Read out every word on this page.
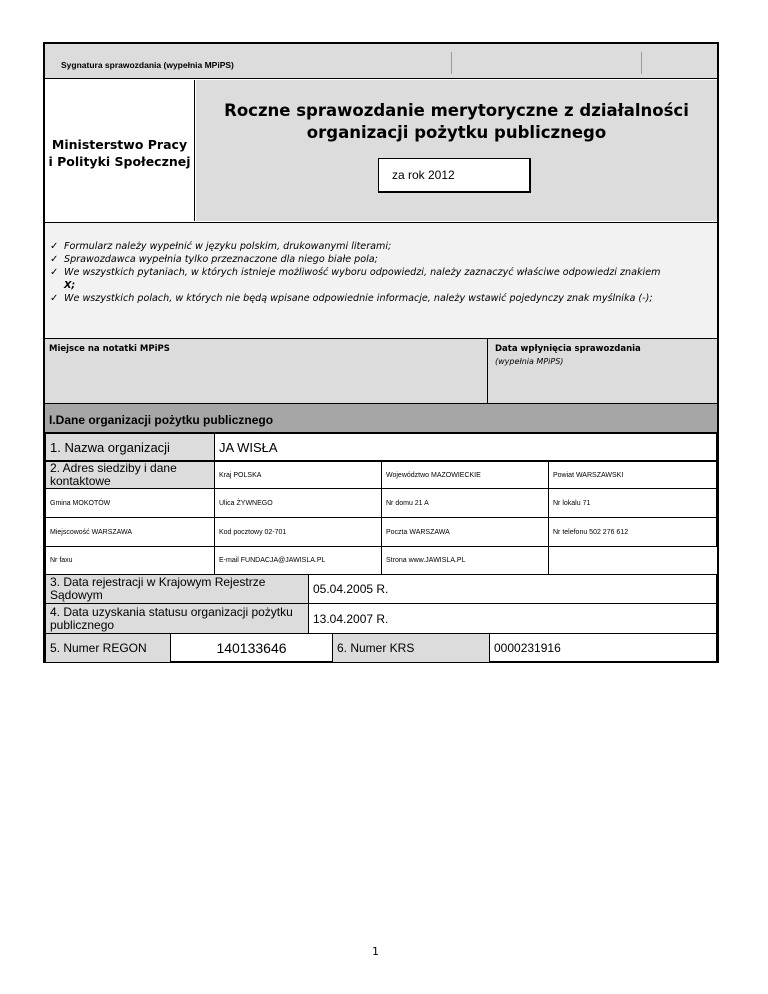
Sygnatura sprawozdania (wypełnia MPiPS)
Ministerstwo Pracy
i Polityki Społecznej
Roczne sprawozdanie merytoryczne z działalności
organizacji pożytku publicznego
za rok 2012
✓ Formularz należy wypełnić w języku polskim, drukowanymi literami;
✓ Sprawozdawca wypełnia tylko przeznaczone dla niego białe pola;
✓ We wszystkich pytaniach, w których istnieje możliwość wyboru odpowiedzi, należy zaznaczyć właściwe odpowiedzi znakiem
X;
✓ We wszystkich polach, w których nie będą wpisane odpowiednie informacje, należy wstawić pojedynczy znak myślnika (-);
Miejsce na notatki MPiPS	Data wpłynięcia sprawozdania
(wypełnia MPiPS)
I.Dane organizacji pożytku publicznego
1. Nazwa organizacji	JA WISŁA
2. Adres siedziby i dane kontaktowe	Kraj POLSKA	Województwo MAZOWIECKIE	Powiat WARSZAWSKI
Gmina MOKOTÓW	Ulica ŻYWNEGO	Nr domu 21 A	Nr lokalu 71
Miejscowość WARSZAWA	Kod pocztowy 02-701	Poczta WARSZAWA	Nr telefonu 502 276 612
Nr faxu	E-mail FUNDACJA@JAWISLA.PL	Strona www.JAWISLA.PL
3. Data rejestracji w Krajowym Rejestrze Sądowym	05.04.2005 R.
4. Data uzyskania statusu organizacji pożytku publicznego	13.04.2007 R.
5. Numer REGON	140133646	6. Numer KRS	0000231916
1
